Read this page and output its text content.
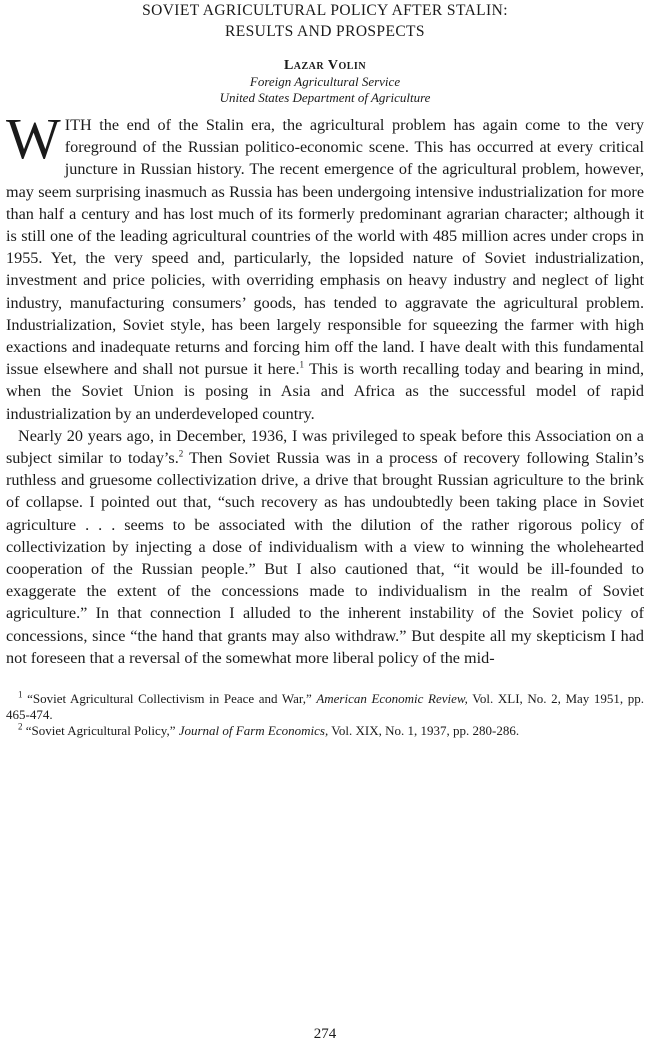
SOVIET AGRICULTURAL POLICY AFTER STALIN:
RESULTS AND PROSPECTS
Lazar Volin
Foreign Agricultural Service
United States Department of Agriculture

WITH the end of the Stalin era, the agricultural problem has again come to the very foreground of the Russian politico-economic scene. This has occurred at every critical juncture in Russian history. The recent emergence of the agricultural problem, however, may seem surprising inasmuch as Russia has been undergoing intensive industrialization for more than half a century and has lost much of its formerly predominant agrarian character; although it is still one of the leading agricultural countries of the world with 485 million acres under crops in 1955. Yet, the very speed and, particularly, the lopsided nature of Soviet industrialization, investment and price policies, with overriding emphasis on heavy industry and neglect of light industry, manufacturing consumers’ goods, has tended to aggravate the agricultural problem. Industrialization, Soviet style, has been largely responsible for squeezing the farmer with high exactions and inadequate returns and forcing him off the land. I have dealt with this fundamental issue elsewhere and shall not pursue it here.$^1$ This is worth recalling today and bearing in mind, when the Soviet Union is posing in Asia and Africa as the successful model of rapid industrialization by an underdeveloped country.

Nearly 20 years ago, in December, 1936, I was privileged to speak before this Association on a subject similar to today’s.$^2$ Then Soviet Russia was in a process of recovery following Stalin’s ruthless and gruesome collectivization drive, a drive that brought Russian agriculture to the brink of collapse. I pointed out that, “such recovery as has undoubtedly been taking place in Soviet agriculture . . . seems to be associated with the dilution of the rather rigorous policy of collectivization by injecting a dose of individualism with a view to winning the wholehearted cooperation of the Russian people.” But I also cautioned that, “it would be ill-founded to exaggerate the extent of the concessions made to individualism in the realm of Soviet agriculture.” In that connection I alluded to the inherent instability of the Soviet policy of concessions, since “the hand that grants may also withdraw.” But despite all my skepticism I had not foreseen that a reversal of the somewhat more liberal policy of the mid-

$^1$ “Soviet Agricultural Collectivism in Peace and War,” American Economic Review, Vol. XLI, No. 2, May 1951, pp. 465-474.

$^2$ “Soviet Agricultural Policy,” Journal of Farm Economics, Vol. XIX, No. 1, 1937, pp. 280-286.

274
